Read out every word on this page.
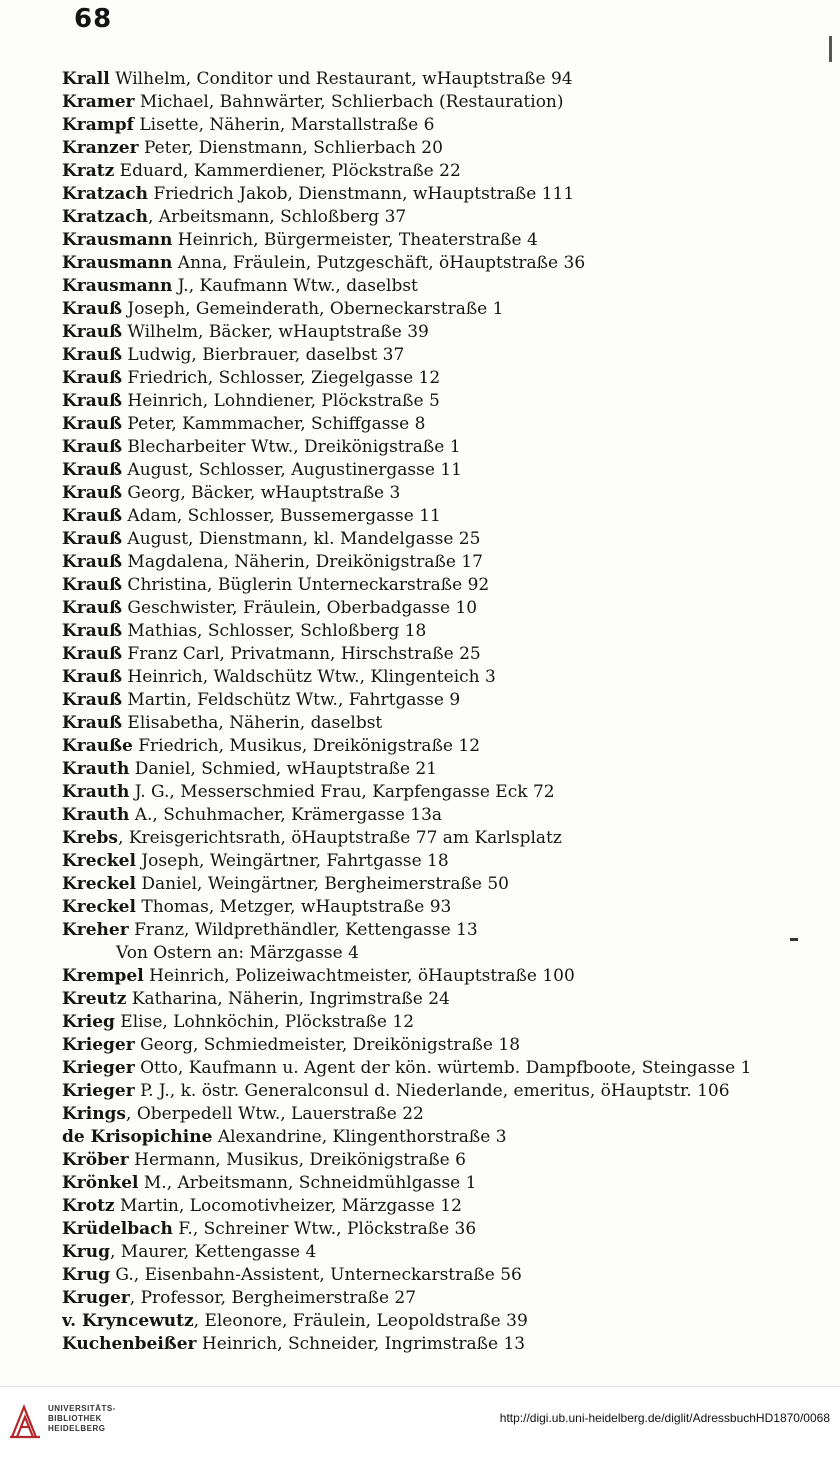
68
Krall Wilhelm, Conditor und Restaurant, wHauptstraße 94
Kramer Michael, Bahnwärter, Schlierbach (Restauration)
Krampf Lisette, Näherin, Marstallstraße 6
Kranzer Peter, Dienstmann, Schlierbach 20
Kratz Eduard, Kammerdiener, Plöckstraße 22
Kratzach Friedrich Jakob, Dienstmann, wHauptstraße 111
Kratzach, Arbeitsmann, Schloßberg 37
Krausmann Heinrich, Bürgermeister, Theaterstraße 4
Krausmann Anna, Fräulein, Putzgeschäft, öHauptstraße 36
Krausmann J., Kaufmann Wtw., daselbst
Krauß Joseph, Gemeinderath, Oberneckarstraße 1
Krauß Wilhelm, Bäcker, wHauptstraße 39
Krauß Ludwig, Bierbrauer, daselbst 37
Krauß Friedrich, Schlosser, Ziegelgasse 12
Krauß Heinrich, Lohndiener, Plöckstraße 5
Krauß Peter, Kammmacher, Schiffgasse 8
Krauß Blecharbeiter Wtw., Dreikönigstraße 1
Krauß August, Schlosser, Augustinergasse 11
Krauß Georg, Bäcker, wHauptstraße 3
Krauß Adam, Schlosser, Bussemergasse 11
Krauß August, Dienstmann, kl. Mandelgasse 25
Krauß Magdalena, Näherin, Dreikönigstraße 17
Krauß Christina, Büglerin Unterneckarstraße 92
Krauß Geschwister, Fräulein, Oberbadgasse 10
Krauß Mathias, Schlosser, Schloßberg 18
Krauß Franz Carl, Privatmann, Hirschstraße 25
Krauß Heinrich, Waldschütz Wtw., Klingenteich 3
Krauß Martin, Feldschütz Wtw., Fahrtgasse 9
Krauß Elisabetha, Näherin, daselbst
Krauße Friedrich, Musikus, Dreikönigstraße 12
Krauth Daniel, Schmied, wHauptstraße 21
Krauth J. G., Messerschmied Frau, Karpfengasse Eck 72
Krauth A., Schuhmacher, Krämergasse 13a
Krebs, Kreisgerichtsrath, öHauptstraße 77 am Karlsplatz
Kreckel Joseph, Weingärtner, Fahrtgasse 18
Kreckel Daniel, Weingärtner, Bergheimerstraße 50
Kreckel Thomas, Metzger, wHauptstraße 93
Kreher Franz, Wildprethändler, Kettengasse 13
Von Ostern an: Märzgasse 4
Krempel Heinrich, Polizeiwachtmeister, öHauptstraße 100
Kreutz Katharina, Näherin, Ingrimstraße 24
Krieg Elise, Lohnköchin, Plöckstraße 12
Krieger Georg, Schmiedmeister, Dreikönigstraße 18
Krieger Otto, Kaufmann u. Agent der kön. würtemb. Dampfboote, Steingasse 1
Krieger P. J., k. östr. Generalconsul d. Niederlande, emeritus, öHauptstr. 106
Krings, Oberpedell Wtw., Lauerstraße 22
de Krisopichine Alexandrine, Klingenthorstraße 3
Kröber Hermann, Musikus, Dreikönigstraße 6
Krönkel M., Arbeitsmann, Schneidmühlgasse 1
Krotz Martin, Locomotivheizer, Märzgasse 12
Krüdelbach F., Schreiner Wtw., Plöckstraße 36
Krug, Maurer, Kettengasse 4
Krug G., Eisenbahn-Assistent, Unterneckarstraße 56
Kruger, Professor, Bergheimerstraße 27
v. Kryncewutz, Eleonore, Fräulein, Leopoldstraße 39
Kuchenbeißer Heinrich, Schneider, Ingrimstraße 13
UNIVERSITÄTS-
BIBLIOTHEK
HEIDELBERG
http://digi.ub.uni-heidelberg.de/diglit/AdressbuchHD1870/0068
